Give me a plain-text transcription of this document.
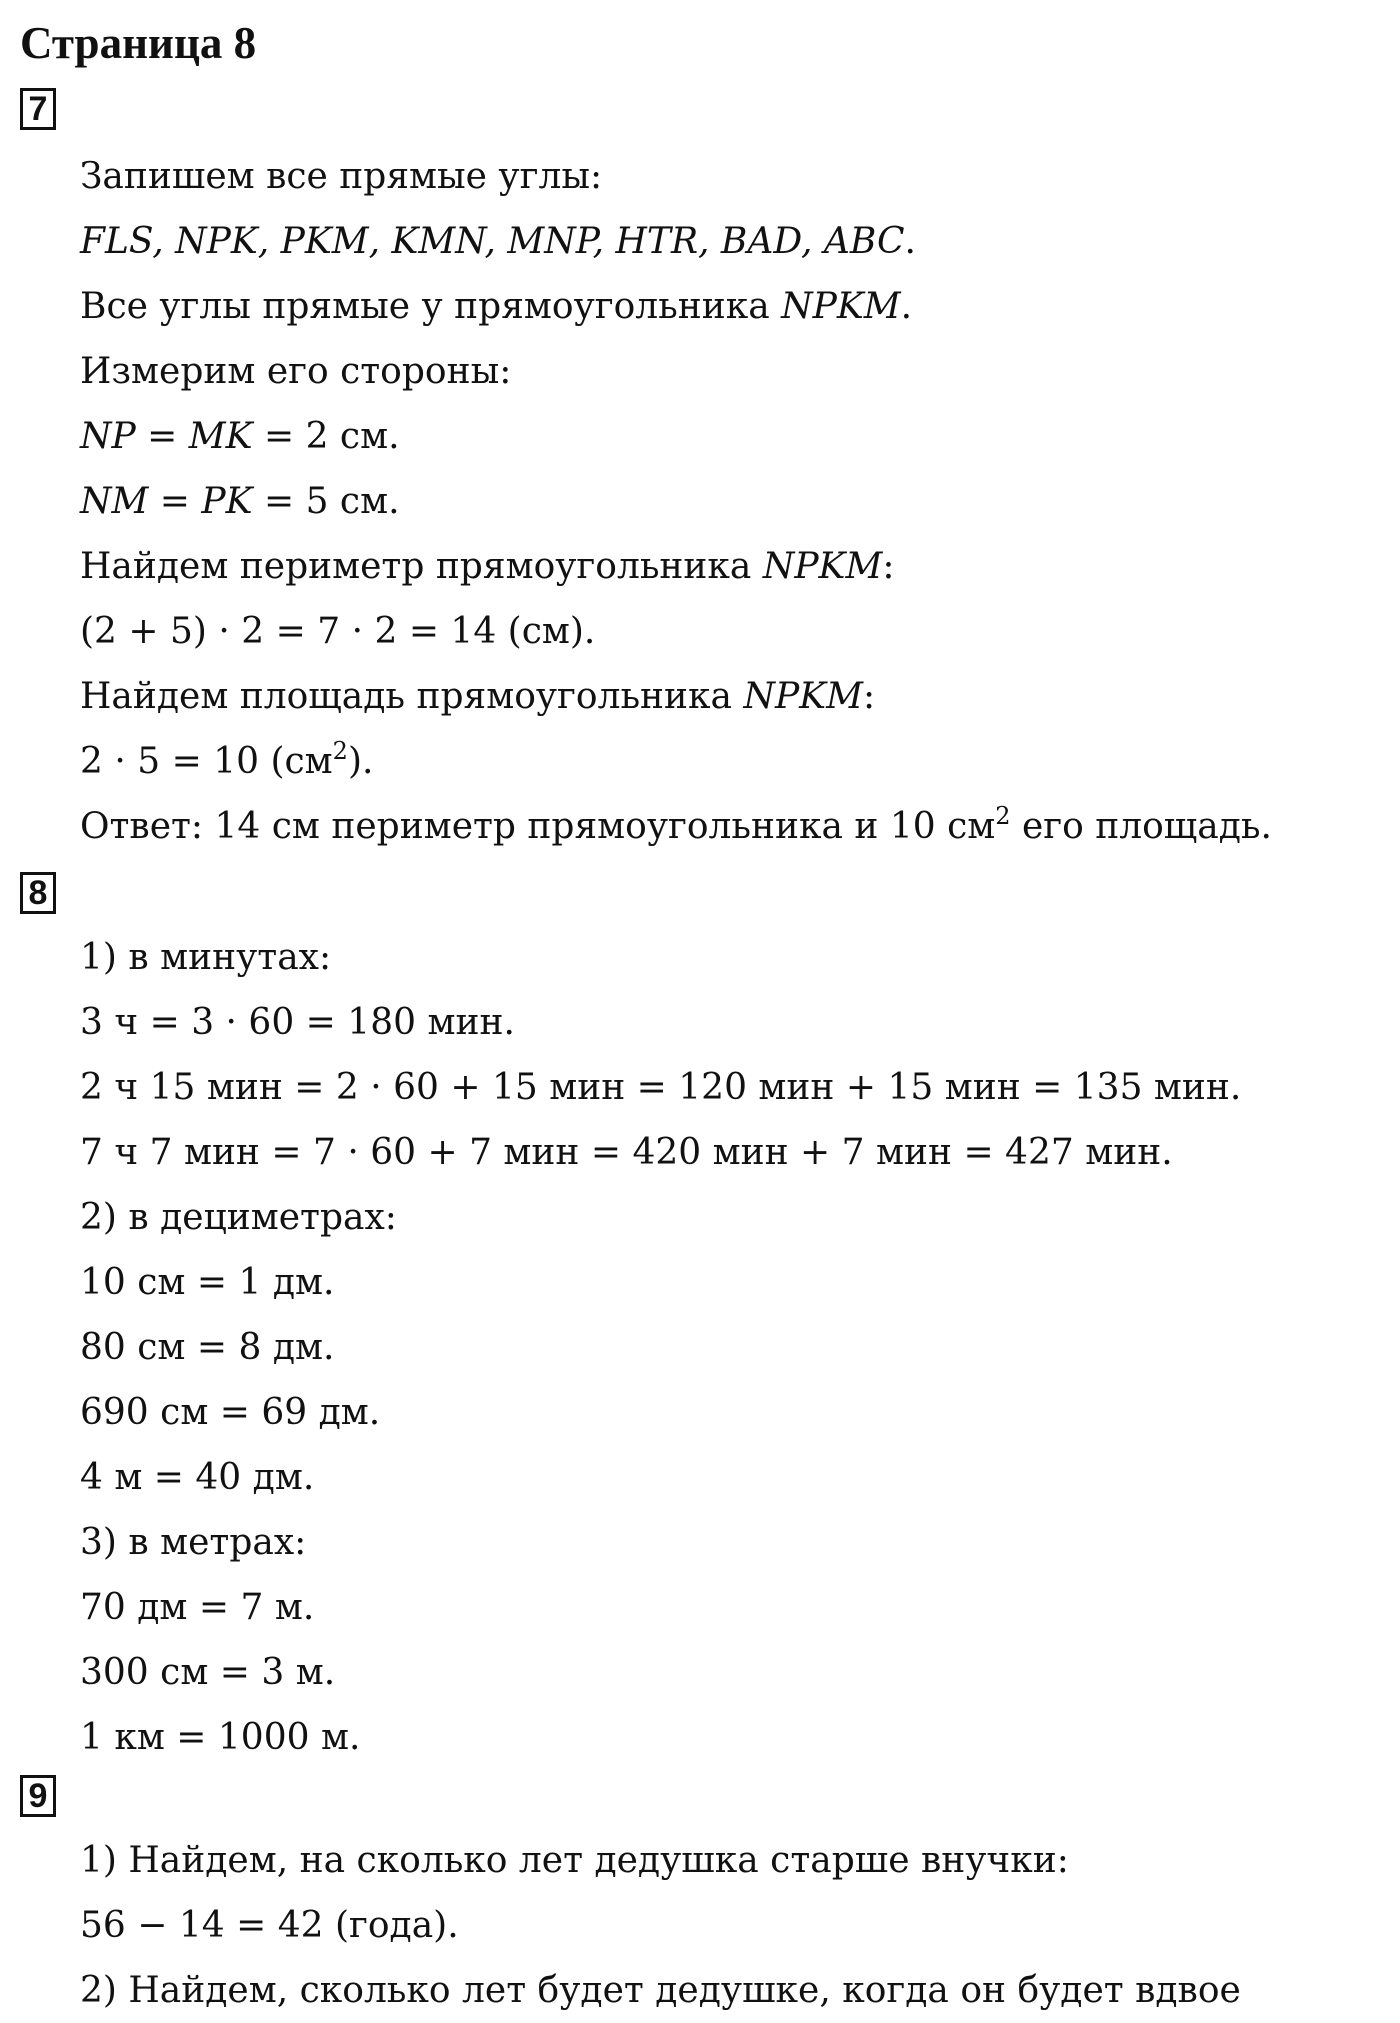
Страница 8
7
Запишем все прямые углы:
FLS, NPK, PKM, KMN, MNP, HTR, BAD, ABC.
Все углы прямые у прямоугольника NPKM.
Измерим его стороны:
NP = MK = 2 см.
NM = PK = 5 см.
Найдем периметр прямоугольника NPKM:
(2 + 5) · 2 = 7 · 2 = 14 (см).
Найдем площадь прямоугольника NPKM:
2 · 5 = 10 $(см^2)$.
Ответ: 14 см периметр прямоугольника и 10 $см^2$ его площадь.
8
1) в минутах:
3 ч = 3 · 60 = 180 мин.
2 ч 15 мин = 2 · 60 + 15 мин = 120 мин + 15 мин = 135 мин.
7 ч 7 мин = 7 · 60 + 7 мин = 420 мин + 7 мин = 427 мин.
2) в дециметрах:
10 см = 1 дм.
80 см = 8 дм.
690 см = 69 дм.
4 м = 40 дм.
3) в метрах:
70 дм = 7 м.
300 см = 3 м.
1 км = 1000 м.
9
1) Найдем, на сколько лет дедушка старше внучки:
56 − 14 = 42 (года).
2) Найдем, сколько лет будет дедушке, когда он будет вдвое
